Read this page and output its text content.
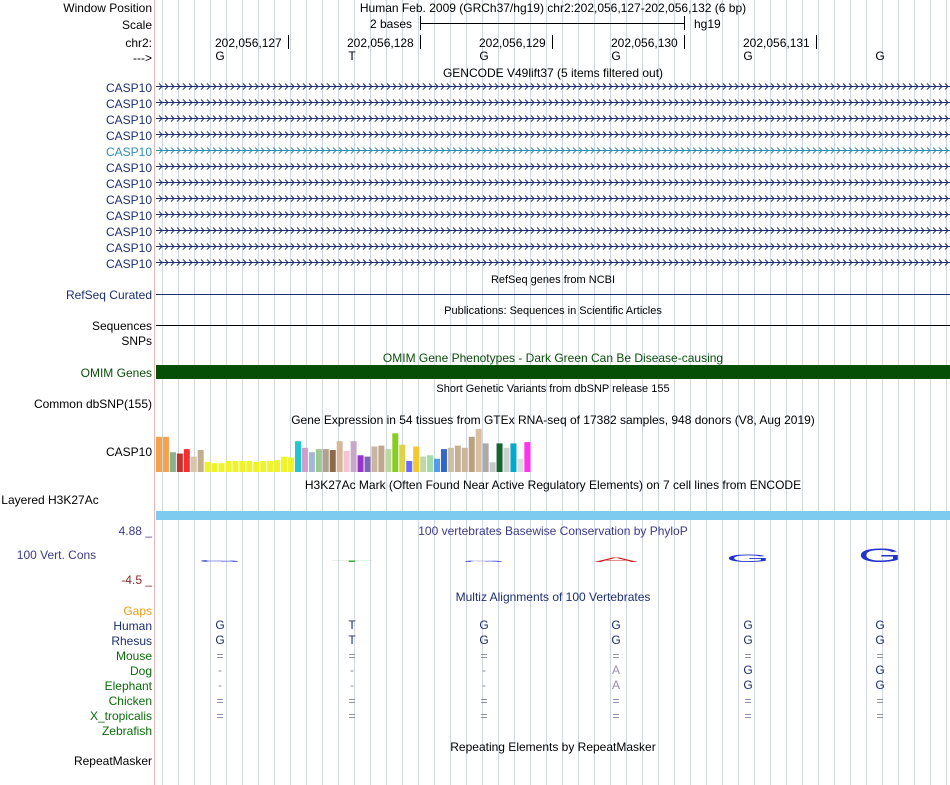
Window Position	Human Feb. 2009 (GRCh37/hg19) chr2:202,056,127-202,056,132 (6 bp)
Scale	2 bases	hg19
chr2:	202,056,127	202,056,128	202,056,129	202,056,130	202,056,131
--->	G	T	G	G	G	G
GENCODE V49lift37 (5 items filtered out)
CASP10
CASP10
CASP10
CASP10
CASP10
CASP10
CASP10
CASP10
CASP10
CASP10
CASP10
CASP10
RefSeq genes from NCBI
RefSeq Curated
Publications: Sequences in Scientific Articles
Sequences
SNPs
OMIM Gene Phenotypes - Dark Green Can Be Disease-causing
OMIM Genes
Short Genetic Variants from dbSNP release 155
Common dbSNP(155)
Gene Expression in 54 tissues from GTEx RNA-seq of 17382 samples, 948 donors (V8, Aug 2019)
CASP10
H3K27Ac Mark (Often Found Near Active Regulatory Elements) on 7 cell lines from ENCODE
Layered H3K27Ac
4.88 _	100 vertebrates Basewise Conservation by PhyloP
100 Vert. Cons
-4.5 _
G	T	G	A	G	G
Multiz Alignments of 100 Vertebrates
Gaps
Human	G	T	G	G	G	G
Rhesus	G	T	G	G	G	G
Mouse	=	=	=	=	=	=
Dog	-	-	-	A	G	G
Elephant	-	-	-	A	G	G
Chicken	=	=	=	=	=	=
X_tropicalis	=	=	=	=	=	=
Zebrafish
Repeating Elements by RepeatMasker
RepeatMasker
